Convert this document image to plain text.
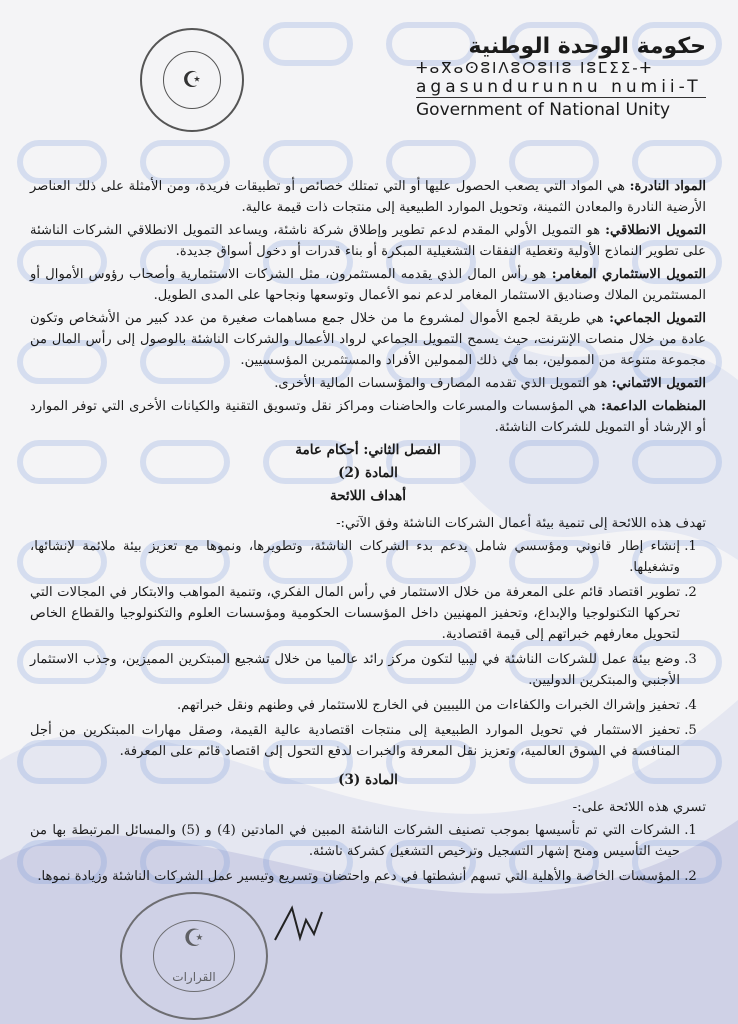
☪
حكومة الوحدة الوطنية
ⵜⴰⴳⴰⵙⵓⵏⴷⵓⵔⵓⵏⵏⵓ ⵏⵓⵎⵉⵉ-ⵜ
agasundurunnu numii-T
Government of National Unity

المواد النادرة: هي المواد التي يصعب الحصول عليها أو التي تمتلك خصائص أو تطبيقات فريدة، ومن الأمثلة على ذلك العناصر الأرضية النادرة والمعادن الثمينة، وتحويل الموارد الطبيعية إلى منتجات ذات قيمة عالية.

التمويل الانطلاقي: هو التمويل الأولي المقدم لدعم تطوير وإطلاق شركة ناشئة، ويساعد التمويل الانطلاقي الشركات الناشئة على تطوير النماذج الأولية وتغطية النفقات التشغيلية المبكرة أو بناء قدرات أو دخول أسواق جديدة.

التمويل الاستثماري المغامر: هو رأس المال الذي يقدمه المستثمرون، مثل الشركات الاستثمارية وأصحاب رؤوس الأموال أو المستثمرين الملاك وصناديق الاستثمار المغامر لدعم نمو الأعمال وتوسعها ونجاحها على المدى الطويل.

التمويل الجماعي: هي طريقة لجمع الأموال لمشروع ما من خلال جمع مساهمات صغيرة من عدد كبير من الأشخاص وتكون عادة من خلال منصات الإنترنت، حيث يسمح التمويل الجماعي لرواد الأعمال والشركات الناشئة بالوصول إلى رأس المال من مجموعة متنوعة من الممولين، بما في ذلك الممولين الأفراد والمستثمرين المؤسسيين.

التمويل الائتماني: هو التمويل الذي تقدمه المصارف والمؤسسات المالية الأخرى.

المنظمات الداعمة: هي المؤسسات والمسرعات والحاضنات ومراكز نقل وتسويق التقنية والكيانات الأخرى التي توفر الموارد أو الإرشاد أو التمويل للشركات الناشئة.

الفصل الثاني: أحكام عامة
المادة (2)
أهداف اللائحة

تهدف هذه اللائحة إلى تنمية بيئة أعمال الشركات الناشئة وفق الآتي:-

1. إنشاء إطار قانوني ومؤسسي شامل يدعم بدء الشركات الناشئة، وتطويرها، ونموها مع تعزيز بيئة ملائمة لإنشائها، وتشغيلها.
2. تطوير اقتصاد قائم على المعرفة من خلال الاستثمار في رأس المال الفكري، وتنمية المواهب والابتكار في المجالات التي تحركها التكنولوجيا والإبداع، وتحفيز المهنيين داخل المؤسسات الحكومية ومؤسسات العلوم والتكنولوجيا والقطاع الخاص لتحويل معارفهم خبراتهم إلى قيمة اقتصادية.
3. وضع بيئة عمل للشركات الناشئة في ليبيا لتكون مركز رائد عالميا من خلال تشجيع المبتكرين المميزين، وجذب الاستثمار الأجنبي والمبتكرين الدوليين.
4. تحفيز وإشراك الخبرات والكفاءات من الليبيين في الخارج للاستثمار في وطنهم ونقل خبراتهم.
5. تحفيز الاستثمار في تحويل الموارد الطبيعية إلى منتجات اقتصادية عالية القيمة، وصقل مهارات المبتكرين من أجل المنافسة في السوق العالمية، وتعزيز نقل المعرفة والخبرات لدفع التحول إلى اقتصاد قائم على المعرفة.
المادة (3)

تسري هذه اللائحة على:-

1. الشركات التي تم تأسيسها بموجب تصنيف الشركات الناشئة المبين في المادتين (4) و (5) والمسائل المرتبطة بها من حيث التأسيس ومنح إشهار التسجيل وترخيص التشغيل كشركة ناشئة.
2. المؤسسات الخاصة والأهلية التي تسهم أنشطتها في دعم واحتضان وتسريع وتيسير عمل الشركات الناشئة وزيادة نموها.
☪
القرارات
